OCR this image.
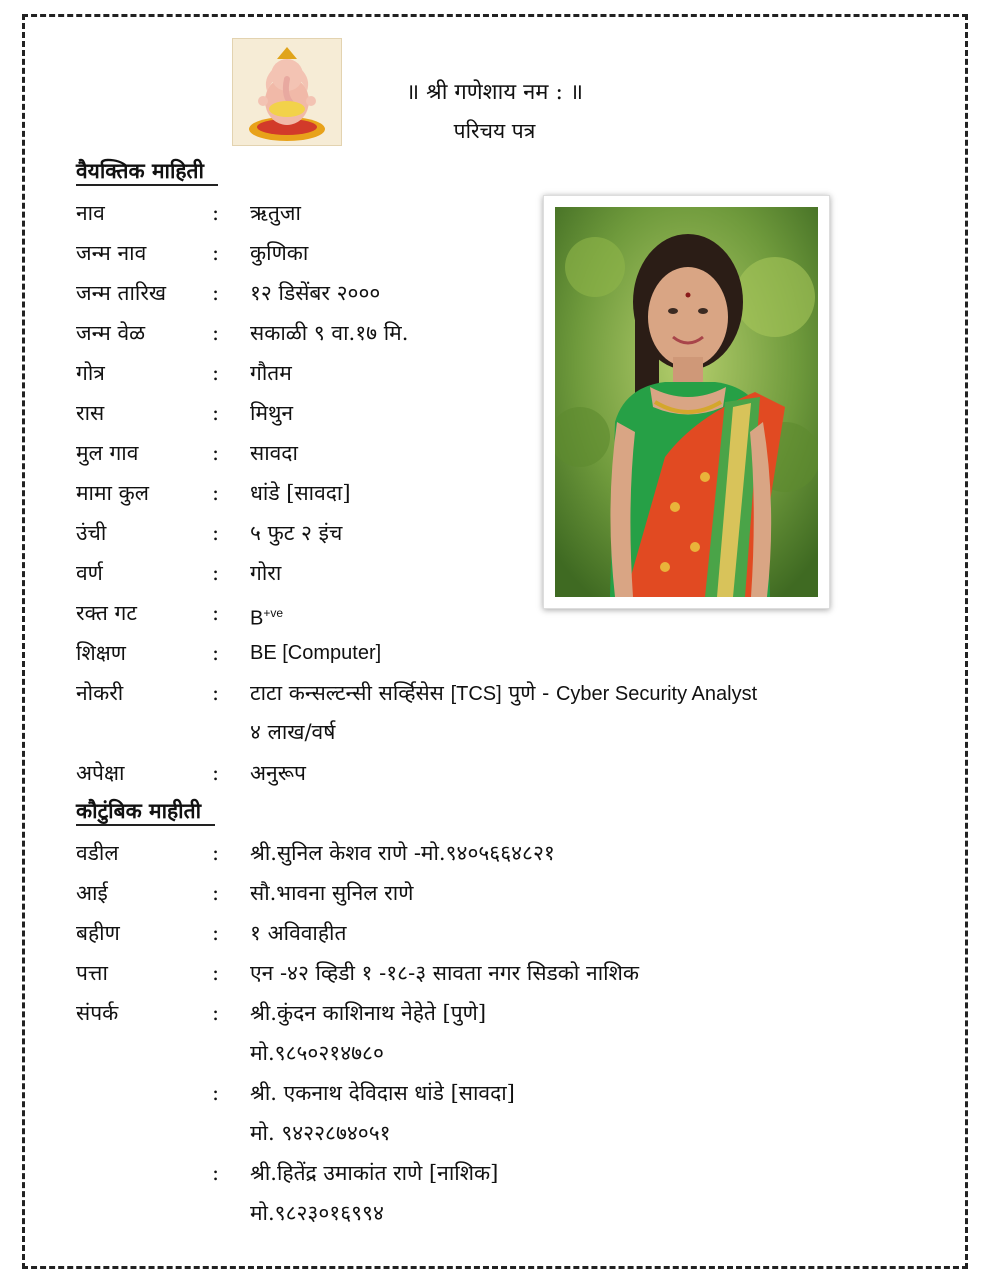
॥ श्री गणेशाय नम : ॥
परिचय पत्र
वैयक्तिक माहिती
नाव	: ऋतुजा
जन्म नाव	: कुणिका
जन्म तारिख : १२ डिसेंबर २०००
जन्म वेळ	: सकाळी ९ वा.१७ मि.
गोत्र	: गौतम
रास	: मिथुन
मुल गाव	: सावदा
मामा कुल	: धांडे [सावदा]
उंची	: ५ फुट २ इंच
वर्ण	: गोरा
रक्त गट	: $B^{+ve}$
शिक्षण	: BE [Computer]
नोकरी	: टाटा कन्सल्टन्सी सर्व्हिसेस [TCS] पुणे - Cyber Security Analyst
४ लाख/वर्ष
अपेक्षा	: अनुरूप
कौटुंबिक माहीती
वडील	: श्री.सुनिल केशव राणे -मो.९४०५६६४८२१
आई	: सौ.भावना सुनिल राणे
बहीण	: १ अविवाहीत
पत्ता	: एन -४२ व्हिडी १ -१८-३ सावता नगर सिडको नाशिक
संपर्क	: श्री.कुंदन काशिनाथ नेहेते [पुणे]
मो.९८५०२१४७८०
: श्री. एकनाथ देविदास धांडे [सावदा]
मो. ९४२२८७४०५१
: श्री.हितेंद्र उमाकांत राणे [नाशिक]
मो.९८२३०१६९९४
